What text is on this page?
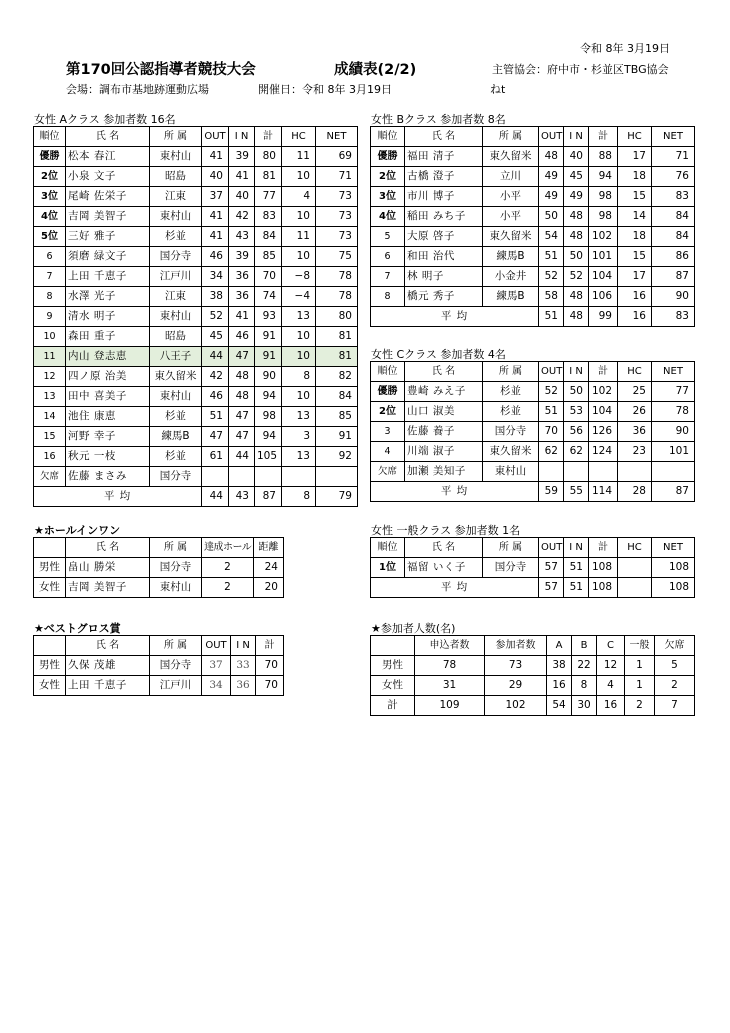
令和 8年 3月19日
第170回公認指導者競技大会	成績表(2/2)	主管協会：府中市・杉並区TBG協会
会場：調布市基地跡運動広場	開催日：令和 8年 3月19日	ねt
女性 Aクラス 参加者数 16名	女性 Bクラス 参加者数 8名
女性 Cクラス 参加者数 4名
★ホールインワン	女性 一般クラス 参加者数 1名
★ベストグロス賞	★参加者人数(名)
順位	氏 名	所 属	OUT	I N	計	HC	NET
優勝	松本 春江	東村山	41	39	80	11	69
2位	小泉 文子	昭島	40	41	81	10	71
3位	尾崎 佐栄子	江東	37	40	77	4	73
4位	吉岡 美智子	東村山	41	42	83	10	73
5位	三好 雅子	杉並	41	43	84	11	73
6	須磨 緑文子	国分寺	46	39	85	10	75
7	上田 千恵子	江戸川	34	36	70	−8	78
8	水澤 光子	江東	38	36	74	−4	78
9	清水 明子	東村山	52	41	93	13	80
10	森田 重子	昭島	45	46	91	10	81
11	内山 登志恵	八王子	44	47	91	10	81
12	四ノ原 治美	東久留米	42	48	90	8	82
13	田中 喜美子	東村山	46	48	94	10	84
14	池住 康恵	杉並	51	47	98	13	85
15	河野 幸子	練馬B	47	47	94	3	91
16	秋元 一枝	杉並	61	44	105	13	92
欠席	佐藤 まさみ	国分寺					
平 均			44	43	87	8	79
順位	氏 名	所 属	OUT	I N	計	HC	NET
優勝	福田 清子	東久留米	48	40	88	17	71
2位	古橋 澄子	立川	49	45	94	18	76
3位	市川 博子	小平	49	49	98	15	83
4位	稲田 みち子	小平	50	48	98	14	84
5	大原 啓子	東久留米	54	48	102	18	84
6	和田 治代	練馬B	51	50	101	15	86
7	林 明子	小金井	52	52	104	17	87
8	橋元 秀子	練馬B	58	48	106	16	90
平 均			51	48	99	16	83
順位	氏 名	所 属	OUT	I N	計	HC	NET
優勝	豊崎 みえ子	杉並	52	50	102	25	77
2位	山口 淑美	杉並	51	53	104	26	78
3	佐藤 養子	国分寺	70	56	126	36	90
4	川端 淑子	東久留米	62	62	124	23	101
欠席	加瀬 美知子	東村山					
平 均			59	55	114	28	87
	氏 名	所 属	達成ホール	距離
男性	畠山 勝栄	国分寺	2	24
女性	吉岡 美智子	東村山	2	20
順位	氏 名	所 属	OUT	I N	計	HC	NET
1位	福留 いく子	国分寺	57	51	108		108
平 均			57	51	108		108
	氏 名	所 属	OUT	I N	計
男性	久保 茂雄	国分寺	37	33	70
女性	上田 千恵子	江戸川	34	36	70
	申込者数	参加者数	A	B	C	一般	欠席
男性	78	73	38	22	12	1	5
女性	31	29	16	8	4	1	2
計	109	102	54	30	16	2	7
